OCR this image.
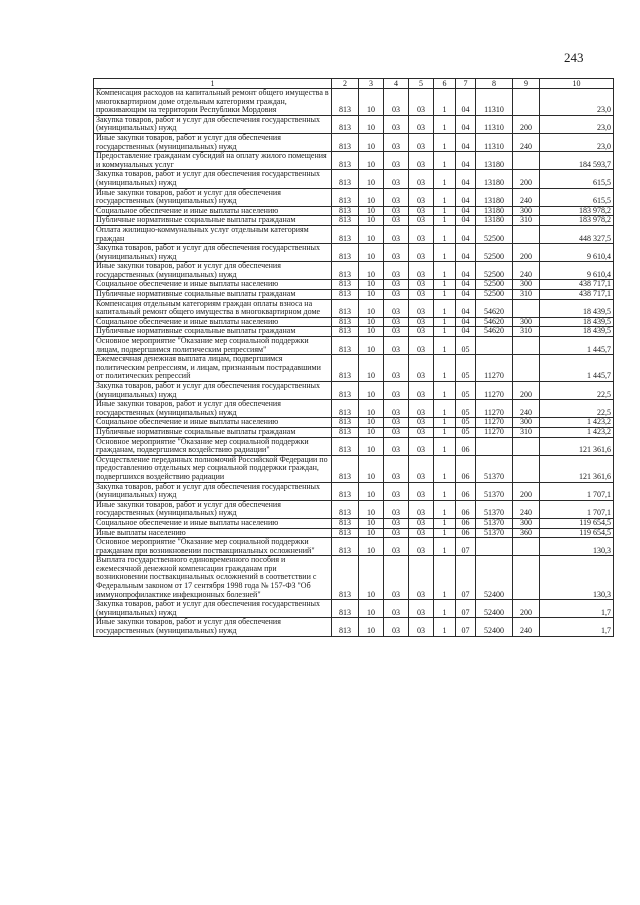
243
1	2	3	4	5	6	7	8	9	10
Компенсация расходов на капитальный ремонт общего имущества в многоквартирном доме отдельным категориям граждан, проживающим на территории Республики Мордовия	813	10	03	03	1	04	11310		23,0
Закупка товаров, работ и услуг для обеспечения государственных (муниципальных) нужд	813	10	03	03	1	04	11310	200	23,0
Иные закупки товаров, работ и услуг для обеспечения государственных (муниципальных) нужд	813	10	03	03	1	04	11310	240	23,0
Предоставление гражданам субсидий на оплату жилого помещения и коммунальных услуг	813	10	03	03	1	04	13180		184 593,7
Закупка товаров, работ и услуг для обеспечения государственных (муниципальных) нужд	813	10	03	03	1	04	13180	200	615,5
Иные закупки товаров, работ и услуг для обеспечения государственных (муниципальных) нужд	813	10	03	03	1	04	13180	240	615,5
Социальное обеспечение и иные выплаты населению	813	10	03	03	1	04	13180	300	183 978,2
Публичные нормативные социальные выплаты гражданам	813	10	03	03	1	04	13180	310	183 978,2
Оплата жилищно-коммунальных услуг отдельным категориям граждан	813	10	03	03	1	04	52500		448 327,5
Закупка товаров, работ и услуг для обеспечения государственных (муниципальных) нужд	813	10	03	03	1	04	52500	200	9 610,4
Иные закупки товаров, работ и услуг для обеспечения государственных (муниципальных) нужд	813	10	03	03	1	04	52500	240	9 610,4
Социальное обеспечение и иные выплаты населению	813	10	03	03	1	04	52500	300	438 717,1
Публичные нормативные социальные выплаты гражданам	813	10	03	03	1	04	52500	310	438 717,1
Компенсация отдельным категориям граждан оплаты взноса на капитальный ремонт общего имущества в многоквартирном доме	813	10	03	03	1	04	54620		18 439,5
Социальное обеспечение и иные выплаты населению	813	10	03	03	1	04	54620	300	18 439,5
Публичные нормативные социальные выплаты гражданам	813	10	03	03	1	04	54620	310	18 439,5
Основное мероприятие "Оказание мер социальной поддержки лицам, подвергшимся политическим репрессиям"	813	10	03	03	1	05			1 445,7
Ежемесячная денежная выплата лицам, подвергшимся политическим репрессиям, и лицам, признанным пострадавшими от политических репрессий	813	10	03	03	1	05	11270		1 445,7
Закупка товаров, работ и услуг для обеспечения государственных (муниципальных) нужд	813	10	03	03	1	05	11270	200	22,5
Иные закупки товаров, работ и услуг для обеспечения государственных (муниципальных) нужд	813	10	03	03	1	05	11270	240	22,5
Социальное обеспечение и иные выплаты населению	813	10	03	03	1	05	11270	300	1 423,2
Публичные нормативные социальные выплаты гражданам	813	10	03	03	1	05	11270	310	1 423,2
Основное мероприятие "Оказание мер социальной поддержки гражданам, подвергшимся воздействию радиации"	813	10	03	03	1	06			121 361,6
Осуществление переданных полномочий Российской Федерации по предоставлению отдельных мер социальной поддержки граждан, подвергшихся воздействию радиации	813	10	03	03	1	06	51370		121 361,6
Закупка товаров, работ и услуг для обеспечения государственных (муниципальных) нужд	813	10	03	03	1	06	51370	200	1 707,1
Иные закупки товаров, работ и услуг для обеспечения государственных (муниципальных) нужд	813	10	03	03	1	06	51370	240	1 707,1
Социальное обеспечение и иные выплаты населению	813	10	03	03	1	06	51370	300	119 654,5
Иные выплаты населению	813	10	03	03	1	06	51370	360	119 654,5
Основное мероприятие "Оказание мер социальной поддержки гражданам при возникновении поствакцинальных осложнений"	813	10	03	03	1	07			130,3
Выплата государственного единовременного пособия и ежемесячной денежной компенсации гражданам при возникновении поствакцинальных осложнений в соответствии с Федеральным законом от 17 сентября 1998 года № 157-ФЗ "Об иммунопрофилактике инфекционных болезней"	813	10	03	03	1	07	52400		130,3
Закупка товаров, работ и услуг для обеспечения государственных (муниципальных) нужд	813	10	03	03	1	07	52400	200	1,7
Иные закупки товаров, работ и услуг для обеспечения государственных (муниципальных) нужд	813	10	03	03	1	07	52400	240	1,7
